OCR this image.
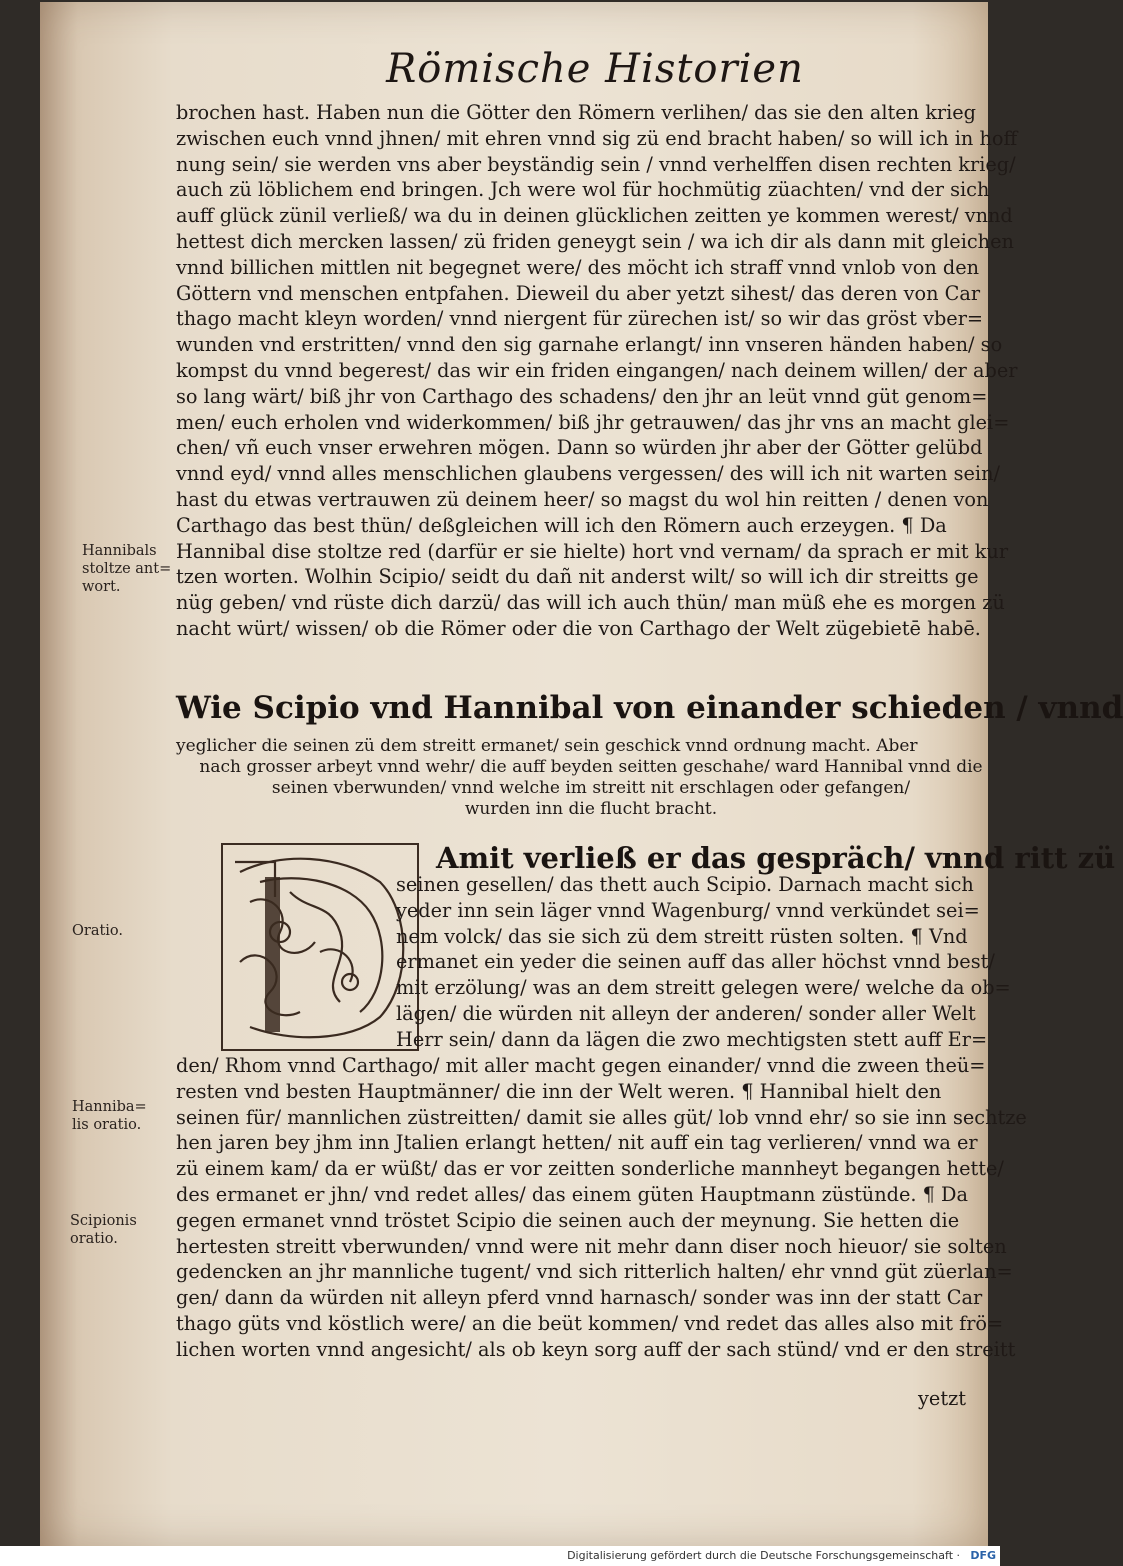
Römische Historien
brochen hast. Haben nun die Götter den Römern verlihen/ das sie den alten krieg
zwischen euch vnnd jhnen/ mit ehren vnnd sig zü end bracht haben/ so will ich in hoff
nung sein/ sie werden vns aber beyständig sein / vnnd verhelffen disen rechten krieg/
auch zü löblichem end bringen. Jch were wol für hochmütig züachten/ vnd der sich
auff glück zünil verließ/ wa du in deinen glücklichen zeitten ye kommen werest/ vnnd
hettest dich mercken lassen/ zü friden geneygt sein / wa ich dir als dann mit gleichen
vnnd billichen mittlen nit begegnet were/ des möcht ich straff vnnd vnlob von den
Göttern vnd menschen entpfahen. Dieweil du aber yetzt sihest/ das deren von Car
thago macht kleyn worden/ vnnd niergent für zürechen ist/ so wir das gröst vber=
wunden vnd erstritten/ vnnd den sig garnahe erlangt/ inn vnseren händen haben/ so
kompst du vnnd begerest/ das wir ein friden eingangen/ nach deinem willen/ der aber
so lang wärt/ biß jhr von Carthago des schadens/ den jhr an leüt vnnd güt genom=
men/ euch erholen vnd widerkommen/ biß jhr getrauwen/ das jhr vns an macht glei=
chen/ vñ euch vnser erwehren mögen. Dann so würden jhr aber der Götter gelübd
vnnd eyd/ vnnd alles menschlichen glaubens vergessen/ des will ich nit warten sein/
hast du etwas vertrauwen zü deinem heer/ so magst du wol hin reitten / denen von
Carthago das best thün/ deßgleichen will ich den Römern auch erzeygen. ¶ Da
Hannibal dise stoltze red (darfür er sie hielte) hort vnd vernam/ da sprach er mit kur
tzen worten. Wolhin Scipio/ seidt du dañ nit anderst wilt/ so will ich dir streitts ge
nüg geben/ vnd rüste dich darzü/ das will ich auch thün/ man müß ehe es morgen zü
nacht würt/ wissen/ ob die Römer oder die von Carthago der Welt zügebietē habē.
Hannibals
stoltze ant=
wort.
Wie Scipio vnd Hannibal von einander schieden / vnnd
yeglicher die seinen zü dem streitt ermanet/ sein geschick vnnd ordnung macht. Aber
nach grosser arbeyt vnnd wehr/ die auff beyden seitten geschahe/ ward Hannibal vnnd die
seinen vberwunden/ vnnd welche im streitt nit erschlagen oder gefangen/
wurden inn die flucht bracht.
Amit verließ er das gespräch/ vnnd ritt zü
seinen gesellen/ das thett auch Scipio. Darnach macht sich
yeder inn sein läger vnnd Wagenburg/ vnnd verkündet sei=
nem volck/ das sie sich zü dem streitt rüsten solten. ¶ Vnd
ermanet ein yeder die seinen auff das aller höchst vnnd best/
mit erzölung/ was an dem streitt gelegen were/ welche da ob=
lägen/ die würden nit alleyn der anderen/ sonder aller Welt
Herr sein/ dann da lägen die zwo mechtigsten stett auff Er=
den/ Rhom vnnd Carthago/ mit aller macht gegen einander/ vnnd die zween theü=
resten vnd besten Hauptmänner/ die inn der Welt weren. ¶ Hannibal hielt den
seinen für/ mannlichen züstreitten/ damit sie alles güt/ lob vnnd ehr/ so sie inn sechtze
hen jaren bey jhm inn Jtalien erlangt hetten/ nit auff ein tag verlieren/ vnnd wa er
zü einem kam/ da er wüßt/ das er vor zeitten sonderliche mannheyt begangen hette/
des ermanet er jhn/ vnd redet alles/ das einem güten Hauptmann züstünde. ¶ Da
gegen ermanet vnnd tröstet Scipio die seinen auch der meynung. Sie hetten die
hertesten streitt vberwunden/ vnnd were nit mehr dann diser noch hieuor/ sie solten
gedencken an jhr mannliche tugent/ vnd sich ritterlich halten/ ehr vnnd güt züerlan=
gen/ dann da würden nit alleyn pferd vnnd harnasch/ sonder was inn der statt Car
thago güts vnd köstlich were/ an die beüt kommen/ vnd redet das alles also mit frö=
lichen worten vnnd angesicht/ als ob keyn sorg auff der sach stünd/ vnd er den streitt
Oratio.
Hanniba=
lis oratio.
Scipionis
oratio.
yetzt
Digitalisierung gefördert durch die Deutsche Forschungsgemeinschaft · DFG
